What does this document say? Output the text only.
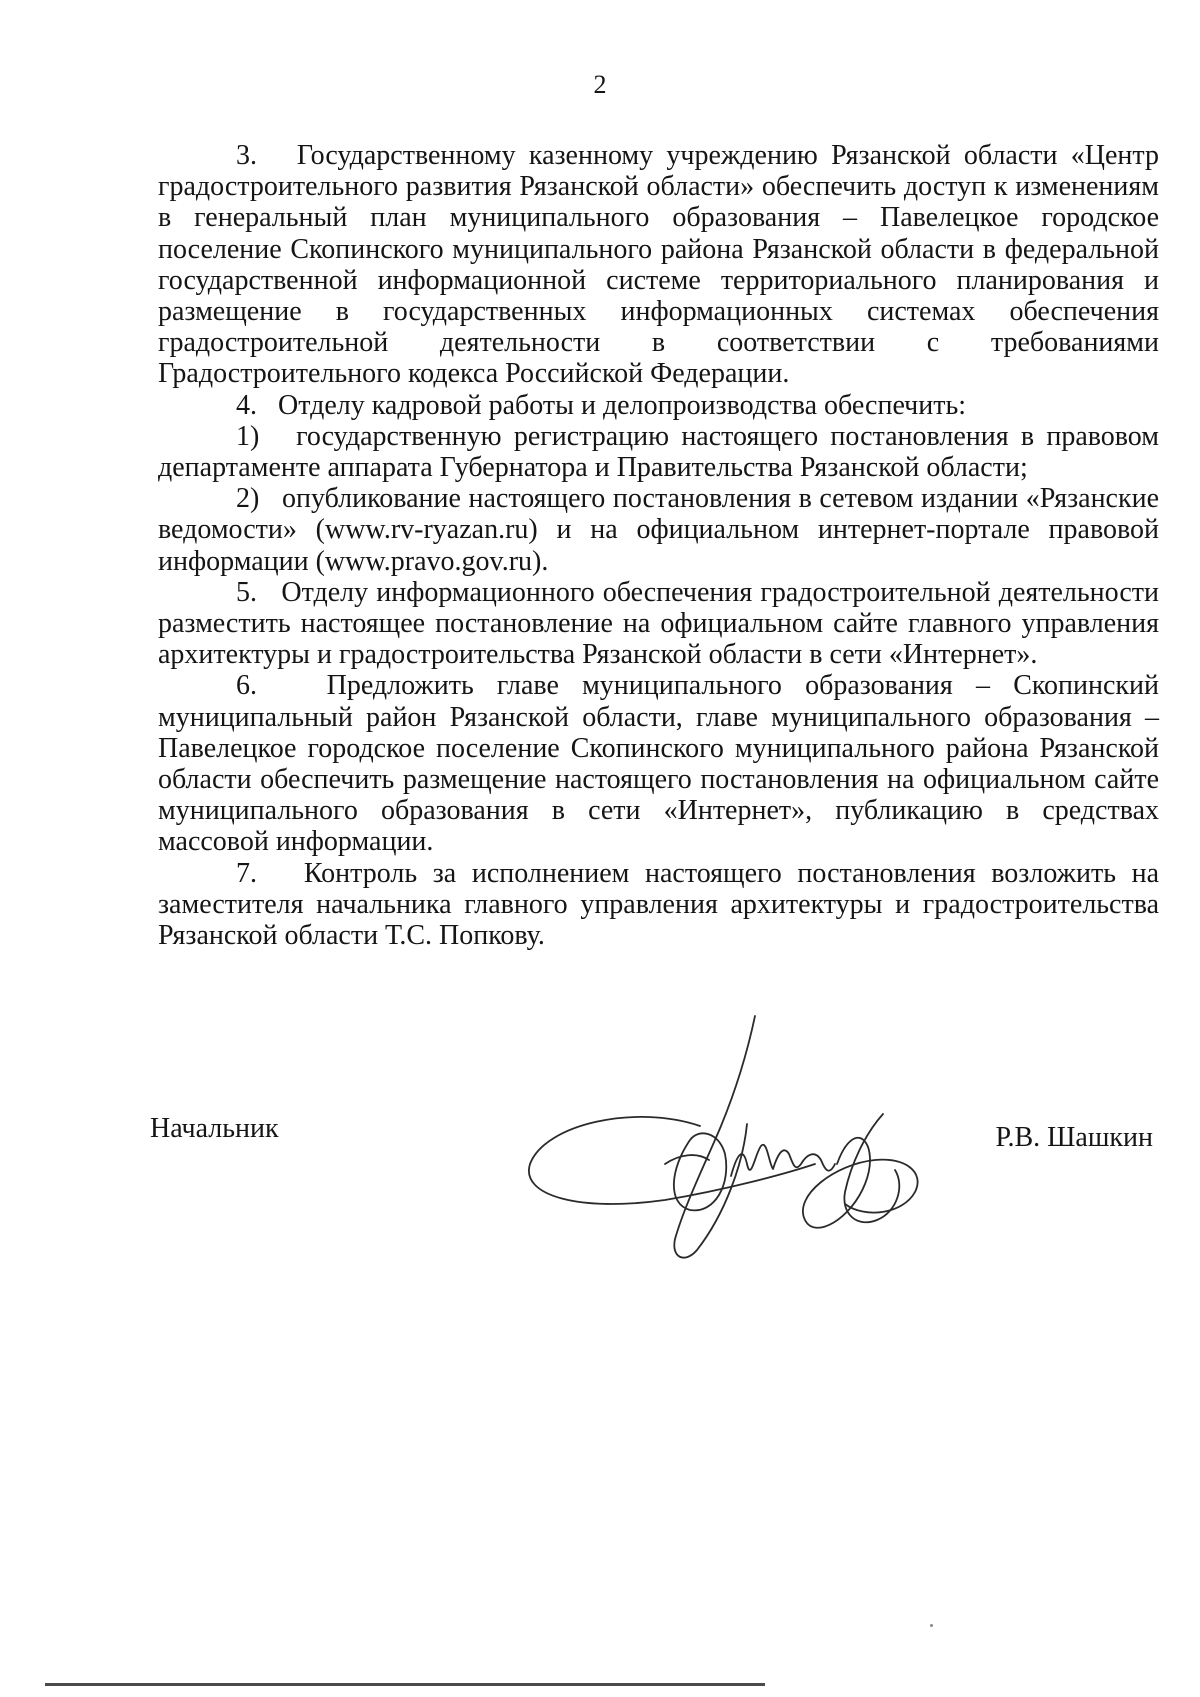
2

3.   Государственному казенному учреждению Рязанской области «Центр градостроительного развития Рязанской области» обеспечить доступ к изменениям в генеральный план муниципального образования – Павелецкое городское поселение Скопинского муниципального района Рязанской области в федеральной государственной информационной системе территориального планирования и размещение в государственных информационных системах обеспечения градостроительной деятельности в соответствии с требованиями Градостроительного кодекса Российской Федерации.

4.   Отделу кадровой работы и делопроизводства обеспечить:

1)   государственную регистрацию настоящего постановления в правовом департаменте аппарата Губернатора и Правительства Рязанской области;

2)   опубликование настоящего постановления в сетевом издании «Рязанские ведомости» (www.rv-ryazan.ru) и на официальном интернет-портале правовой информации (www.pravo.gov.ru).

5.   Отделу информационного обеспечения градостроительной деятельности разместить настоящее постановление на официальном сайте главного управления архитектуры и градостроительства Рязанской области в сети «Интернет».

6.   Предложить главе муниципального образования – Скопинский муниципальный район Рязанской области, главе муниципального образования – Павелецкое городское поселение Скопинского муниципального района Рязанской области обеспечить размещение настоящего постановления на официальном сайте муниципального образования в сети «Интернет», публикацию в средствах массовой информации.

7.   Контроль за исполнением настоящего постановления возложить на заместителя начальника главного управления архитектуры и градостроительства Рязанской области Т.С. Попкову.

Начальник	Р.В. Шашкин
